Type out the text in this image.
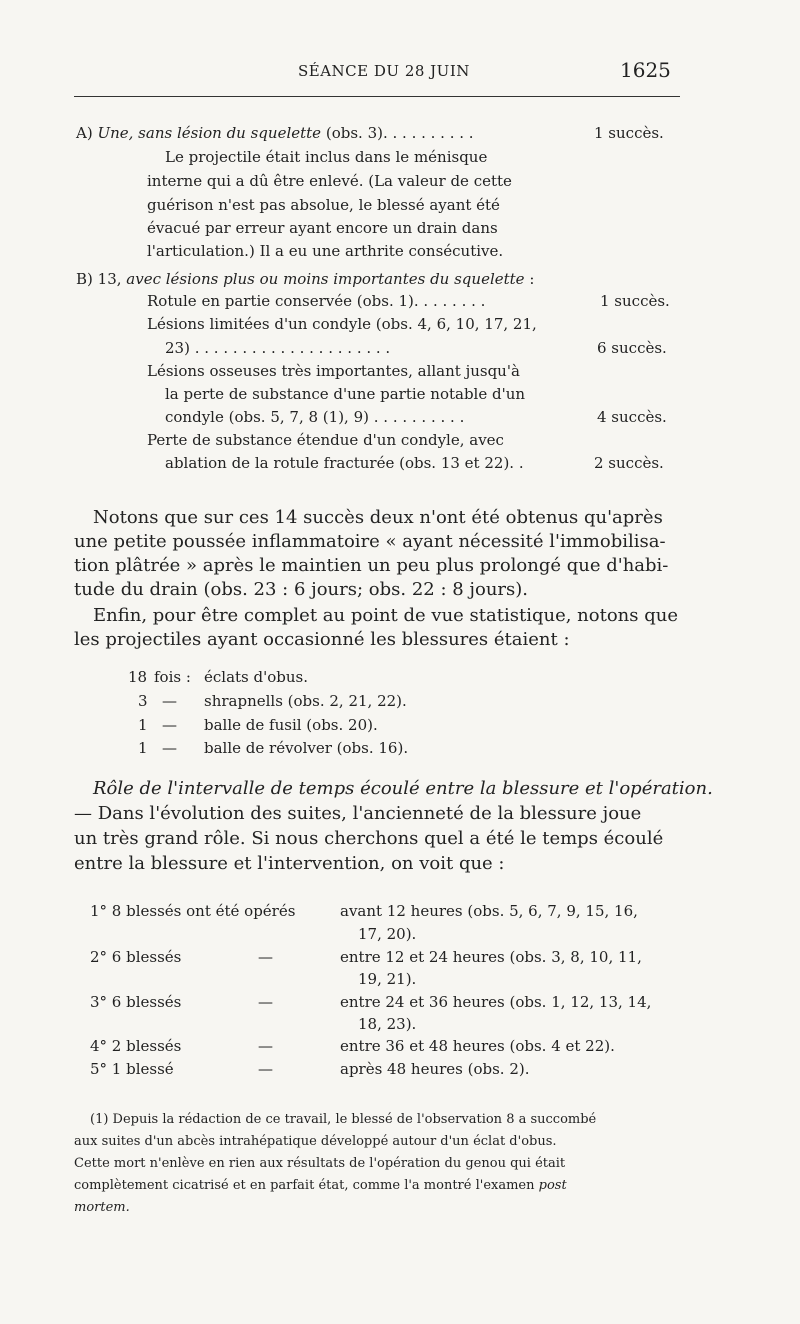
SÉANCE DU 28 JUIN	1625
A) Une, sans lésion du squelette (obs. 3). . . . . . . . . .	1 succès.
Le projectile était inclus dans le ménisque
interne qui a dû être enlevé. (La valeur de cette
guérison n'est pas absolue, le blessé ayant été
évacué par erreur ayant encore un drain dans
l'articulation.) Il a eu une arthrite consécutive.
B) 13, avec lésions plus ou moins importantes du squelette :
Rotule en partie conservée (obs. 1). . . . . . . .	1 succès.
Lésions limitées d'un condyle (obs. 4, 6, 10, 17, 21,
23) . . . . . . . . . . . . . . . . . . . . .	6 succès.
Lésions osseuses très importantes, allant jusqu'à
la perte de substance d'une partie notable d'un
condyle (obs. 5, 7, 8 (1), 9) . . . . . . . . . .	4 succès.
Perte de substance étendue d'un condyle, avec
ablation de la rotule fracturée (obs. 13 et 22). .	2 succès.
Notons que sur ces 14 succès deux n'ont été obtenus qu'après
une petite poussée inflammatoire « ayant nécessité l'immobilisa-
tion plâtrée » après le maintien un peu plus prolongé que d'habi-
tude du drain (obs. 23 : 6 jours; obs. 22 : 8 jours).
Enfin, pour être complet au point de vue statistique, notons que
les projectiles ayant occasionné les blessures étaient :
18 fois : éclats d'obus.
3 — shrapnells (obs. 2, 21, 22).
1 — balle de fusil (obs. 20).
1 — balle de révolver (obs. 16).
Rôle de l'intervalle de temps écoulé entre la blessure et l'opération.
— Dans l'évolution des suites, l'ancienneté de la blessure joue
un très grand rôle. Si nous cherchons quel a été le temps écoulé
entre la blessure et l'intervention, on voit que :
1° 8 blessés ont été opérés	avant 12 heures (obs. 5, 6, 7, 9, 15, 16,
17, 20).
2° 6 blessés	—	entre 12 et 24 heures (obs. 3, 8, 10, 11,
19, 21).
3° 6 blessés	—	entre 24 et 36 heures (obs. 1, 12, 13, 14,
18, 23).
4° 2 blessés	—	entre 36 et 48 heures (obs. 4 et 22).
5° 1 blessé	—	après 48 heures (obs. 2).
(1) Depuis la rédaction de ce travail, le blessé de l'observation 8 a succombé
aux suites d'un abcès intrahépatique développé autour d'un éclat d'obus.
Cette mort n'enlève en rien aux résultats de l'opération du genou qui était
complètement cicatrisé et en parfait état, comme l'a montré l'examen post
mortem.
